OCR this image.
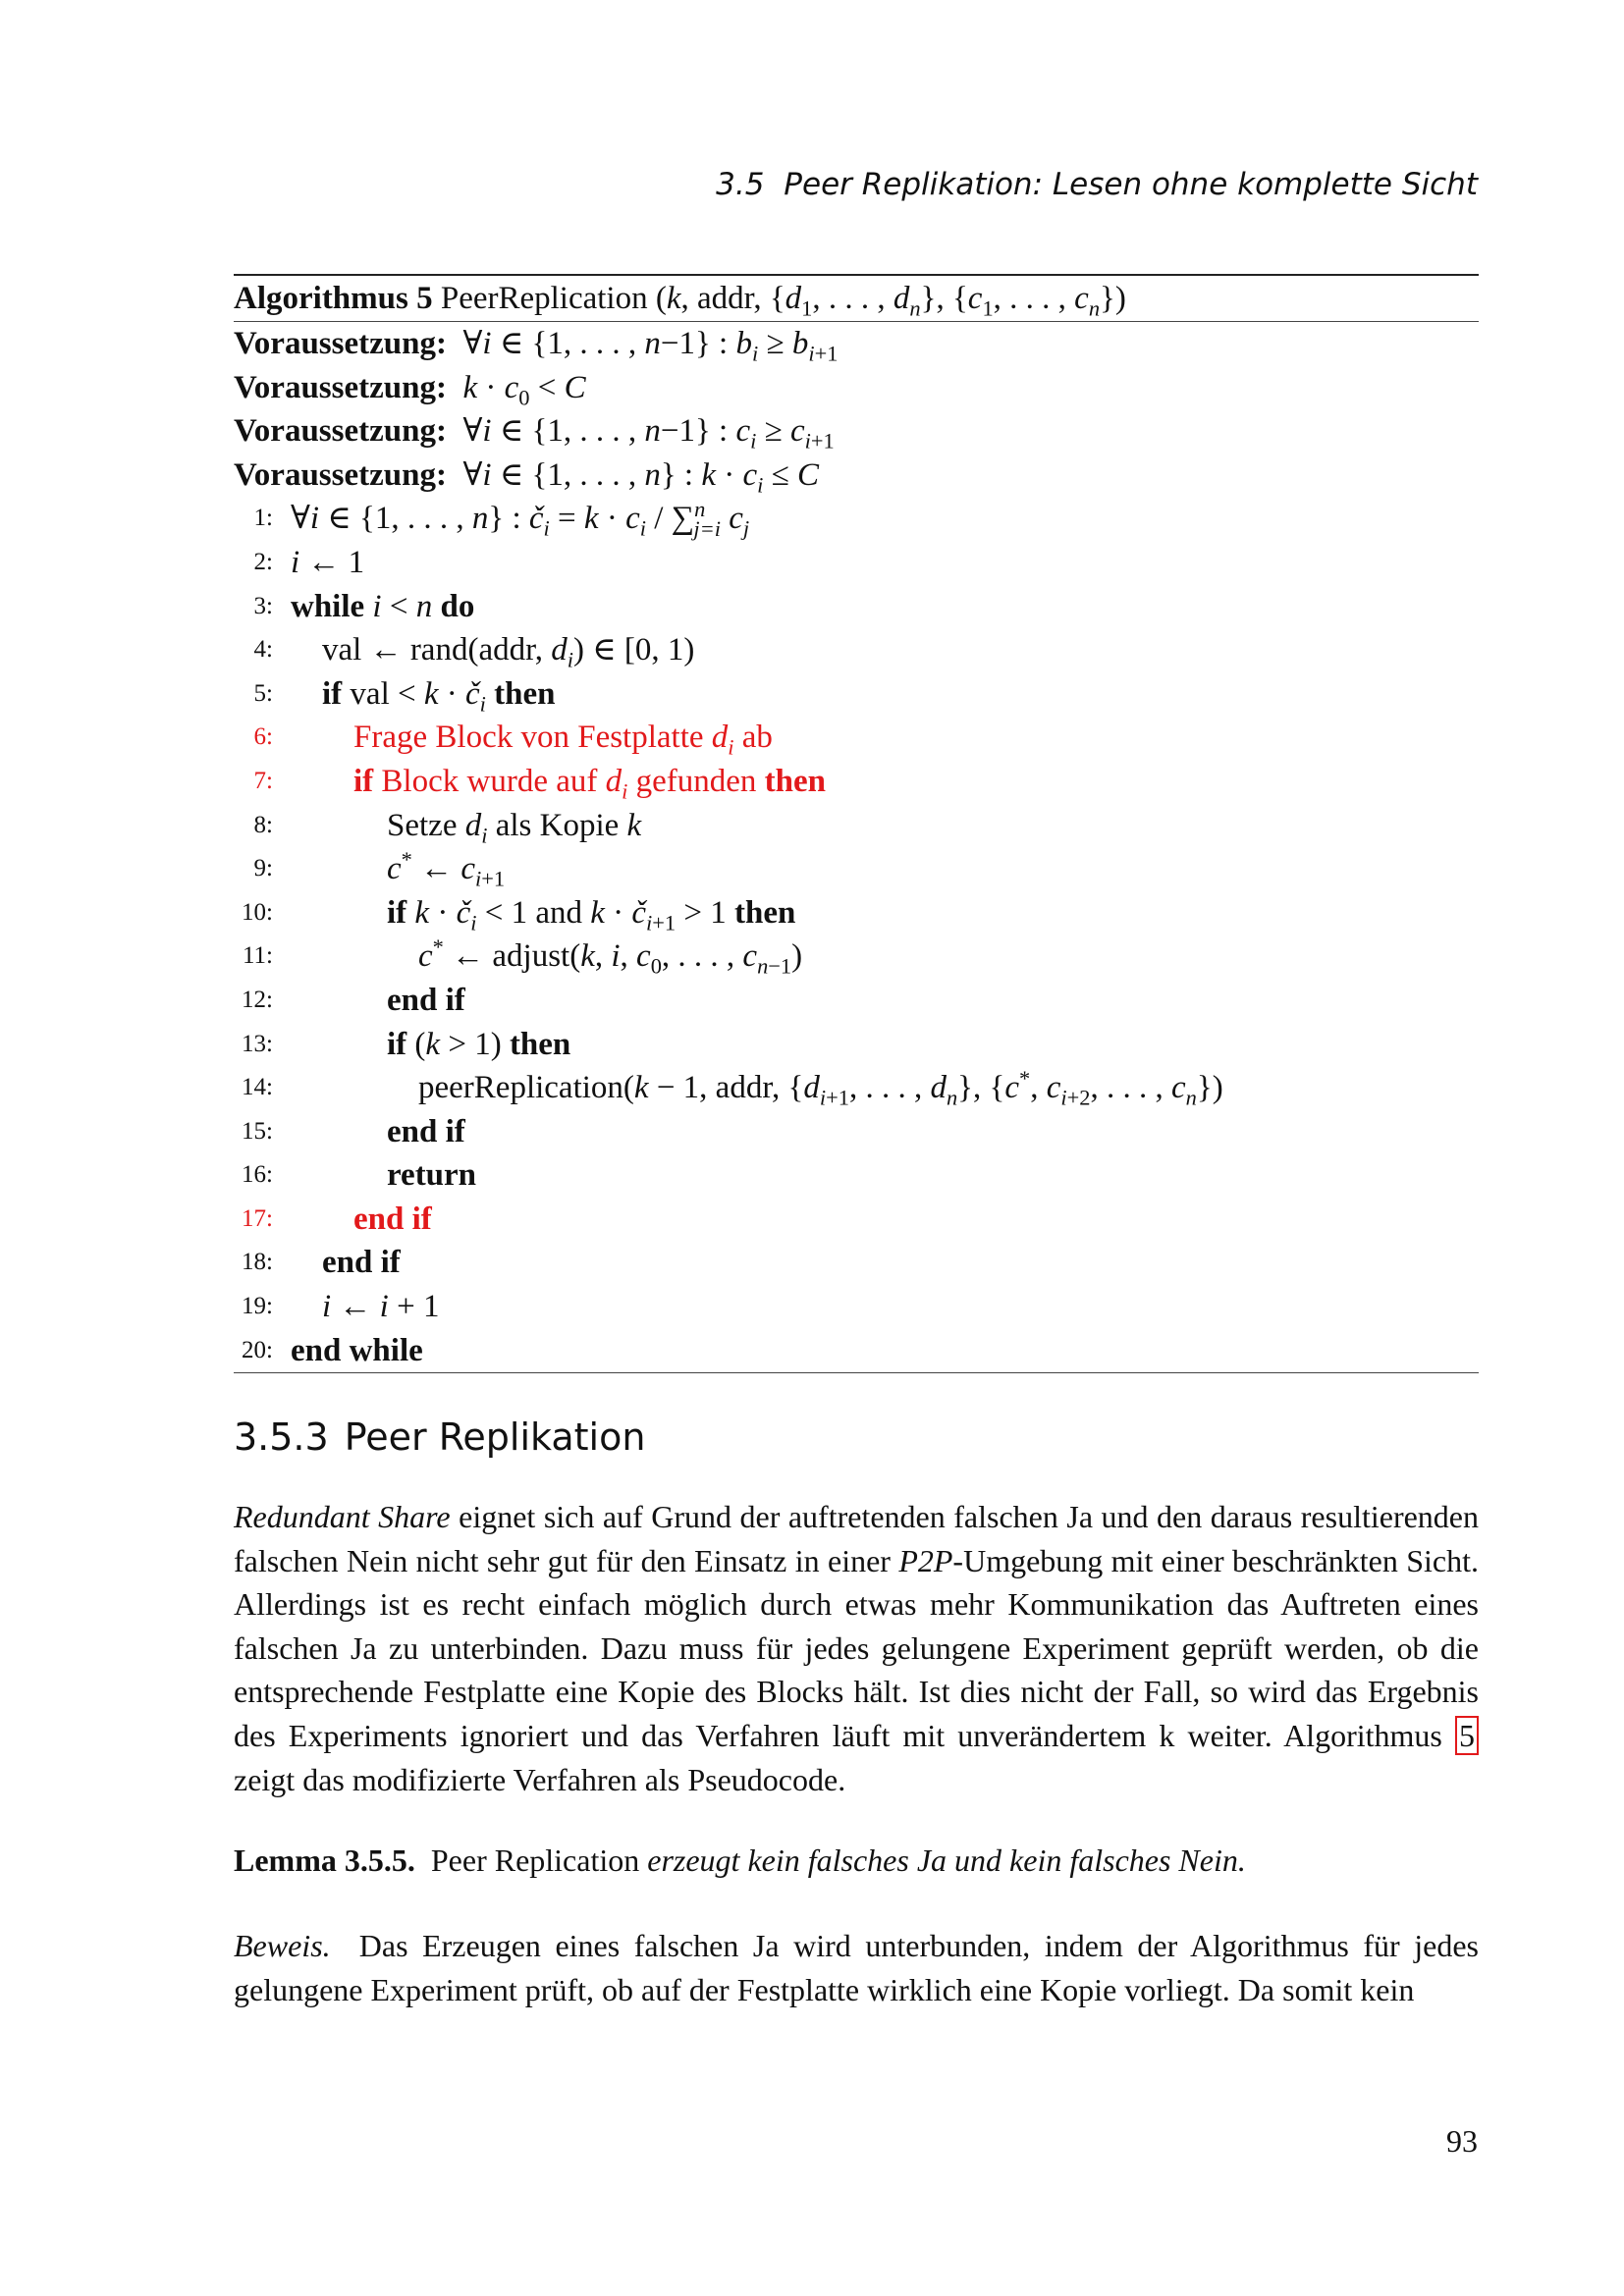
3.5 Peer Replikation: Lesen ohne komplette Sicht
Algorithmus 5 PeerReplication (k, addr, {$d_1$, . . . , $d_n$}, {$c_1$, . . . , $c_n$})
Voraussetzung: ∀i ∈ {1, . . . , n−1} : $b_i \ge b_{i+1}$
Voraussetzung: $k \cdot c_0 < C$
Voraussetzung: ∀i ∈ {1, . . . , n−1} : $c_i \ge c_{i+1}$
Voraussetzung: ∀i ∈ {1, . . . , n} : $k \cdot c_i \le C$
1: ∀i ∈ {1, . . . , n} : $č_i = k \cdot c_i / \sum^n_{j=i}$ $c_j$
2: i ← 1
3: while i < n do
4: val ← rand(addr, $d_i$) ∈ [0, 1)
5: if val < $k \cdot č_i$ then
6: Frage Block von Festplatte $d_i$ ab
7: if Block wurde auf $d_i$ gefunden then
8:	Setze $d_i$ als Kopie k
9:	c* ← $c_{i+1}$
10:	if $k \cdot č_i < 1$ and $k \cdot č_{i+1} > 1$ then
11:	c* ← adjust(k, i, $c_0$, . . . , $c_{n-1}$)
12:	end if
13:	if (k > 1) then
14:	peerReplication(k − 1, addr, {$d_{i+1}$, . . . , $d_n$}, {c*, $c_{i+2}$, . . . , $c_n$})
15:	end if
16:	return
17: end if
18: end if
19: i ← i + 1
20: end while
3.5.3 Peer Replikation

Redundant Share eignet sich auf Grund der auftretenden falschen Ja und den daraus resultierenden falschen Nein nicht sehr gut für den Einsatz in einer P2P-Umgebung mit einer beschränkten Sicht. Allerdings ist es recht einfach möglich durch etwas mehr Kommunikation das Auftreten eines falschen Ja zu unterbinden. Dazu muss für jedes gelungene Experiment geprüft werden, ob die entsprechende Festplatte eine Kopie des Blocks hält. Ist dies nicht der Fall, so wird das Ergebnis des Experiments ignoriert und das Verfahren läuft mit unverändertem k weiter. Algorithmus 5 zeigt das modifizierte Verfahren als Pseudocode.

Lemma 3.5.5. Peer Replication erzeugt kein falsches Ja und kein falsches Nein.

Beweis. Das Erzeugen eines falschen Ja wird unterbunden, indem der Algorithmus für jedes gelungene Experiment prüft, ob auf der Festplatte wirklich eine Kopie vorliegt. Da somit kein

93
